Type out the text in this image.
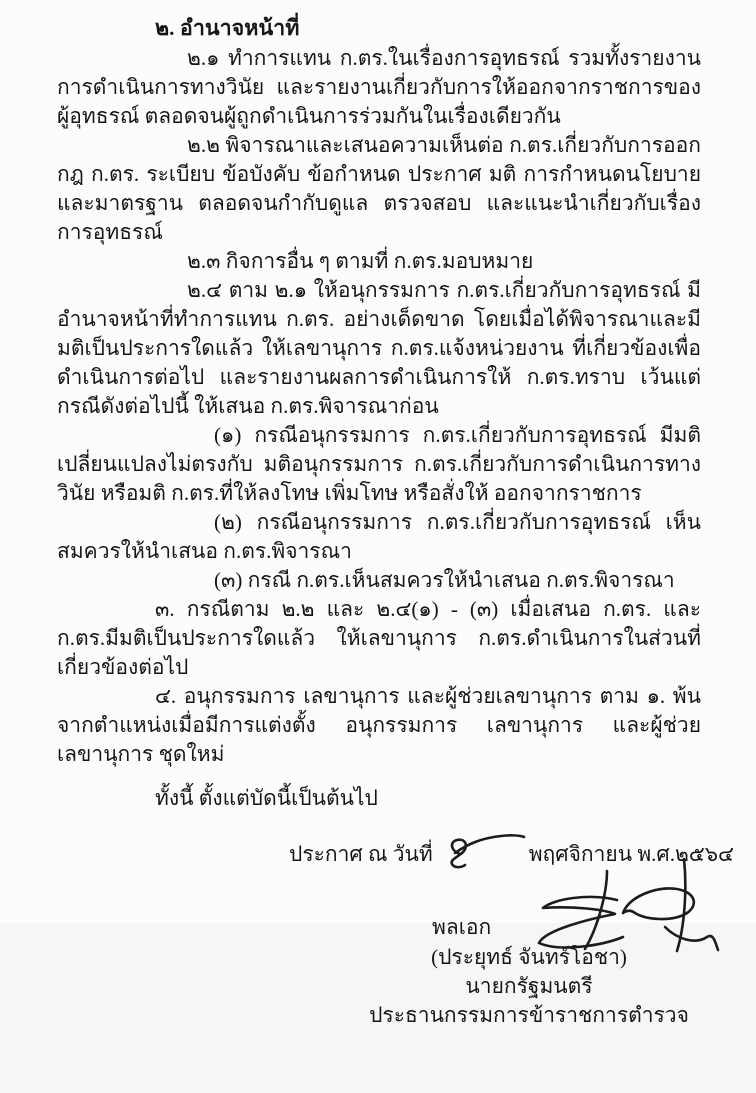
๒. อำนาจหน้าที่

๒.๑ ทำการแทน ก.ตร.ในเรื่องการอุทธรณ์ รวมทั้งรายงานการดำเนินการทางวินัย และรายงานเกี่ยวกับการให้ออกจากราชการของผู้อุทธรณ์ ตลอดจนผู้ถูกดำเนินการร่วมกันในเรื่องเดียวกัน

๒.๒ พิจารณาและเสนอความเห็นต่อ ก.ตร.เกี่ยวกับการออกกฎ ก.ตร. ระเบียบ ข้อบังคับ ข้อกำหนด ประกาศ มติ การกำหนดนโยบายและมาตรฐาน ตลอดจนกำกับดูแล ตรวจสอบ และแนะนำเกี่ยวกับเรื่องการอุทธรณ์

๒.๓ กิจการอื่น ๆ ตามที่ ก.ตร.มอบหมาย

๒.๔ ตาม ๒.๑ ให้อนุกรรมการ ก.ตร.เกี่ยวกับการอุทธรณ์ มีอำนาจหน้าที่ทำการแทน ก.ตร. อย่างเด็ดขาด โดยเมื่อได้พิจารณาและมีมติเป็นประการใดแล้ว ให้เลขานุการ ก.ตร.แจ้งหน่วยงาน ที่เกี่ยวข้องเพื่อดำเนินการต่อไป และรายงานผลการดำเนินการให้ ก.ตร.ทราบ เว้นแต่กรณีดังต่อไปนี้ ให้เสนอ ก.ตร.พิจารณาก่อน

(๑) กรณีอนุกรรมการ ก.ตร.เกี่ยวกับการอุทธรณ์ มีมติเปลี่ยนแปลงไม่ตรงกับ มติอนุกรรมการ ก.ตร.เกี่ยวกับการดำเนินการทางวินัย หรือมติ ก.ตร.ที่ให้ลงโทษ เพิ่มโทษ หรือสั่งให้ ออกจากราชการ

(๒) กรณีอนุกรรมการ ก.ตร.เกี่ยวกับการอุทธรณ์ เห็นสมควรให้นำเสนอ ก.ตร.พิจารณา

(๓) กรณี ก.ตร.เห็นสมควรให้นำเสนอ ก.ตร.พิจารณา

๓. กรณีตาม ๒.๒ และ ๒.๔(๑) - (๓) เมื่อเสนอ ก.ตร. และ ก.ตร.มีมติเป็นประการใดแล้ว ให้เลขานุการ ก.ตร.ดำเนินการในส่วนที่เกี่ยวข้องต่อไป

๔. อนุกรรมการ เลขานุการ และผู้ช่วยเลขานุการ ตาม ๑. พ้นจากตำแหน่งเมื่อมีการแต่งตั้ง อนุกรรมการ เลขานุการ และผู้ช่วยเลขานุการ ชุดใหม่

ทั้งนี้ ตั้งแต่บัดนี้เป็นต้นไป

ประกาศ ณ วันที่	พฤศจิกายน พ.ศ.๒๕๖๔
พลเอก
(ประยุทธ์ จันทร์โอชา)
นายกรัฐมนตรี
ประธานกรรมการข้าราชการตำรวจ
